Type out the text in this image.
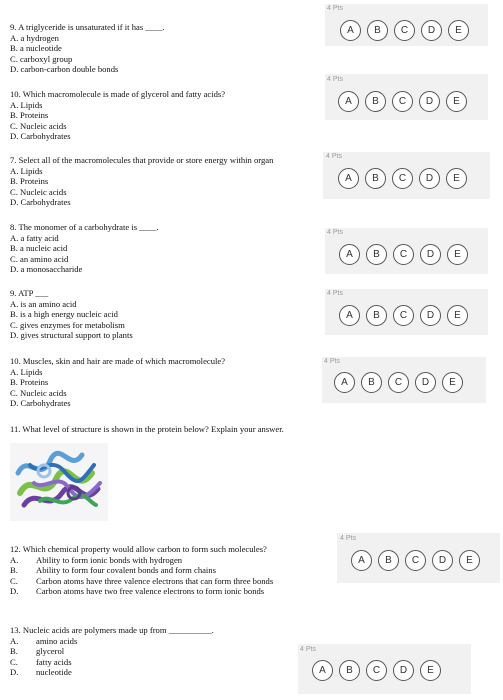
9. A triglyceride is unsaturated if it has ____.
A. a hydrogen
B. a nucleotide
C. carboxyl group
D. carbon-carbon double bonds
4 Pts
A	B	C	D	E
10. Which macromolecule is made of glycerol and fatty acids?
A. Lipids
B. Proteins
C. Nucleic acids
D. Carbohydrates
4 Pts
A	B	C	D	E
7. Select all of the macromolecules that provide or store energy within organ
A. Lipids
B. Proteins
C. Nucleic acids
D. Carbohydrates
4 Pts
A	B	C	D	E
8. The monomer of a carbohydrate is ____.
A. a fatty acid
B. a nucleic acid
C. an amino acid
D. a monosaccharide
4 Pts
A	B	C	D	E
9. ATP ___
A. is an amino acid
B. is a high energy nucleic acid
C. gives enzymes for metabolism
D. gives structural support to plants
4 Pts
A	B	C	D	E
10. Muscles, skin and hair are made of which macromolecule?
A. Lipids
B. Proteins
C. Nucleic acids
D. Carbohydrates
4 Pts
A	B	C	D	E
11. What level of structure is shown in the protein below? Explain your answer.
12. Which chemical property would allow carbon to form such molecules?
A. Ability to form ionic bonds with hydrogen
B. Ability to form four covalent bonds and form chains
C. Carbon atoms have three valence electrons that can form three bonds
D. Carbon atoms have two free valence electrons to form ionic bonds
4 Pts
A	B	C	D	E
13. Nucleic acids are polymers made up from __________.
A. amino acids
B. glycerol
C. fatty acids
D. nucleotide
4 Pts
A	B	C	D	E
